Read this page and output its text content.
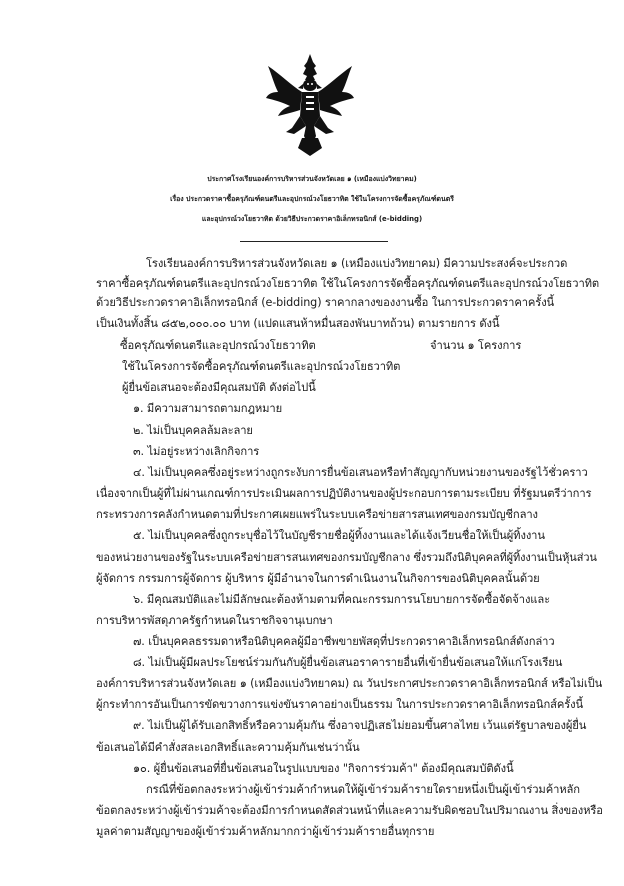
ประกาศโรงเรียนองค์การบริหารส่วนจังหวัดเลย ๑ (เหมืองแบ่งวิทยาคม)
เรื่อง ประกวดราคาซื้อครุภัณฑ์ดนตรีและอุปกรณ์วงโยธวาทิต ใช้ในโครงการจัดซื้อครุภัณฑ์ดนตรี
และอุปกรณ์วงโยธวาทิต ด้วยวิธีประกวดราคาอิเล็กทรอนิกส์ (e-bidding)
โรงเรียนองค์การบริหารส่วนจังหวัดเลย ๑ (เหมืองแบ่งวิทยาคม) มีความประสงค์จะประกวด
ราคาซื้อครุภัณฑ์ดนตรีและอุปกรณ์วงโยธวาทิต ใช้ในโครงการจัดซื้อครุภัณฑ์ดนตรีและอุปกรณ์วงโยธวาทิต
ด้วยวิธีประกวดราคาอิเล็กทรอนิกส์ (e-bidding) ราคากลางของงานซื้อ ในการประกวดราคาครั้งนี้
เป็นเงินทั้งสิ้น ๘๕๒,๐๐๐.๐๐ บาท (แปดแสนห้าหมื่นสองพันบาทถ้วน) ตามรายการ ดังนี้
ซื้อครุภัณฑ์ดนตรีและอุปกรณ์วงโยธวาทิต	จำนวน ๑ โครงการ
ใช้ในโครงการจัดซื้อครุภัณฑ์ดนตรีและอุปกรณ์วงโยธวาทิต
ผู้ยื่นข้อเสนอจะต้องมีคุณสมบัติ ดังต่อไปนี้
๑. มีความสามารถตามกฎหมาย
๒. ไม่เป็นบุคคลล้มละลาย
๓. ไม่อยู่ระหว่างเลิกกิจการ
๔. ไม่เป็นบุคคลซึ่งอยู่ระหว่างถูกระงับการยื่นข้อเสนอหรือทำสัญญากับหน่วยงานของรัฐไว้ชั่วคราว
เนื่องจากเป็นผู้ที่ไม่ผ่านเกณฑ์การประเมินผลการปฏิบัติงานของผู้ประกอบการตามระเบียบ ที่รัฐมนตรีว่าการ
กระทรวงการคลังกำหนดตามที่ประกาศเผยแพร่ในระบบเครือข่ายสารสนเทศของกรมบัญชีกลาง
๕. ไม่เป็นบุคคลซึ่งถูกระบุชื่อไว้ในบัญชีรายชื่อผู้ทิ้งงานและได้แจ้งเวียนชื่อให้เป็นผู้ทิ้งงาน
ของหน่วยงานของรัฐในระบบเครือข่ายสารสนเทศของกรมบัญชีกลาง ซึ่งรวมถึงนิติบุคคลที่ผู้ทิ้งงานเป็นหุ้นส่วน
ผู้จัดการ กรรมการผู้จัดการ ผู้บริหาร ผู้มีอำนาจในการดำเนินงานในกิจการของนิติบุคคลนั้นด้วย
๖. มีคุณสมบัติและไม่มีลักษณะต้องห้ามตามที่คณะกรรมการนโยบายการจัดซื้อจัดจ้างและ
การบริหารพัสดุภาครัฐกำหนดในราชกิจจานุเบกษา
๗. เป็นบุคคลธรรมดาหรือนิติบุคคลผู้มีอาชีพขายพัสดุที่ประกวดราคาอิเล็กทรอนิกส์ดังกล่าว
๘. ไม่เป็นผู้มีผลประโยชน์ร่วมกันกับผู้ยื่นข้อเสนอราคารายอื่นที่เข้ายื่นข้อเสนอให้แก่โรงเรียน
องค์การบริหารส่วนจังหวัดเลย ๑ (เหมืองแบ่งวิทยาคม) ณ วันประกาศประกวดราคาอิเล็กทรอนิกส์ หรือไม่เป็น
ผู้กระทำการอันเป็นการขัดขวางการแข่งขันราคาอย่างเป็นธรรม ในการประกวดราคาอิเล็กทรอนิกส์ครั้งนี้
๙. ไม่เป็นผู้ได้รับเอกสิทธิ์หรือความคุ้มกัน ซึ่งอาจปฏิเสธไม่ยอมขึ้นศาลไทย เว้นแต่รัฐบาลของผู้ยื่น
ข้อเสนอได้มีคำสั่งสละเอกสิทธิ์และความคุ้มกันเช่นว่านั้น
๑๐. ผู้ยื่นข้อเสนอที่ยื่นข้อเสนอในรูปแบบของ "กิจการร่วมค้า" ต้องมีคุณสมบัติดังนี้
กรณีที่ข้อตกลงระหว่างผู้เข้าร่วมค้ากำหนดให้ผู้เข้าร่วมค้ารายใดรายหนึ่งเป็นผู้เข้าร่วมค้าหลัก
ข้อตกลงระหว่างผู้เข้าร่วมค้าจะต้องมีการกำหนดสัดส่วนหน้าที่และความรับผิดชอบในปริมาณงาน สิ่งของหรือ
มูลค่าตามสัญญาของผู้เข้าร่วมค้าหลักมากกว่าผู้เข้าร่วมค้ารายอื่นทุกราย
